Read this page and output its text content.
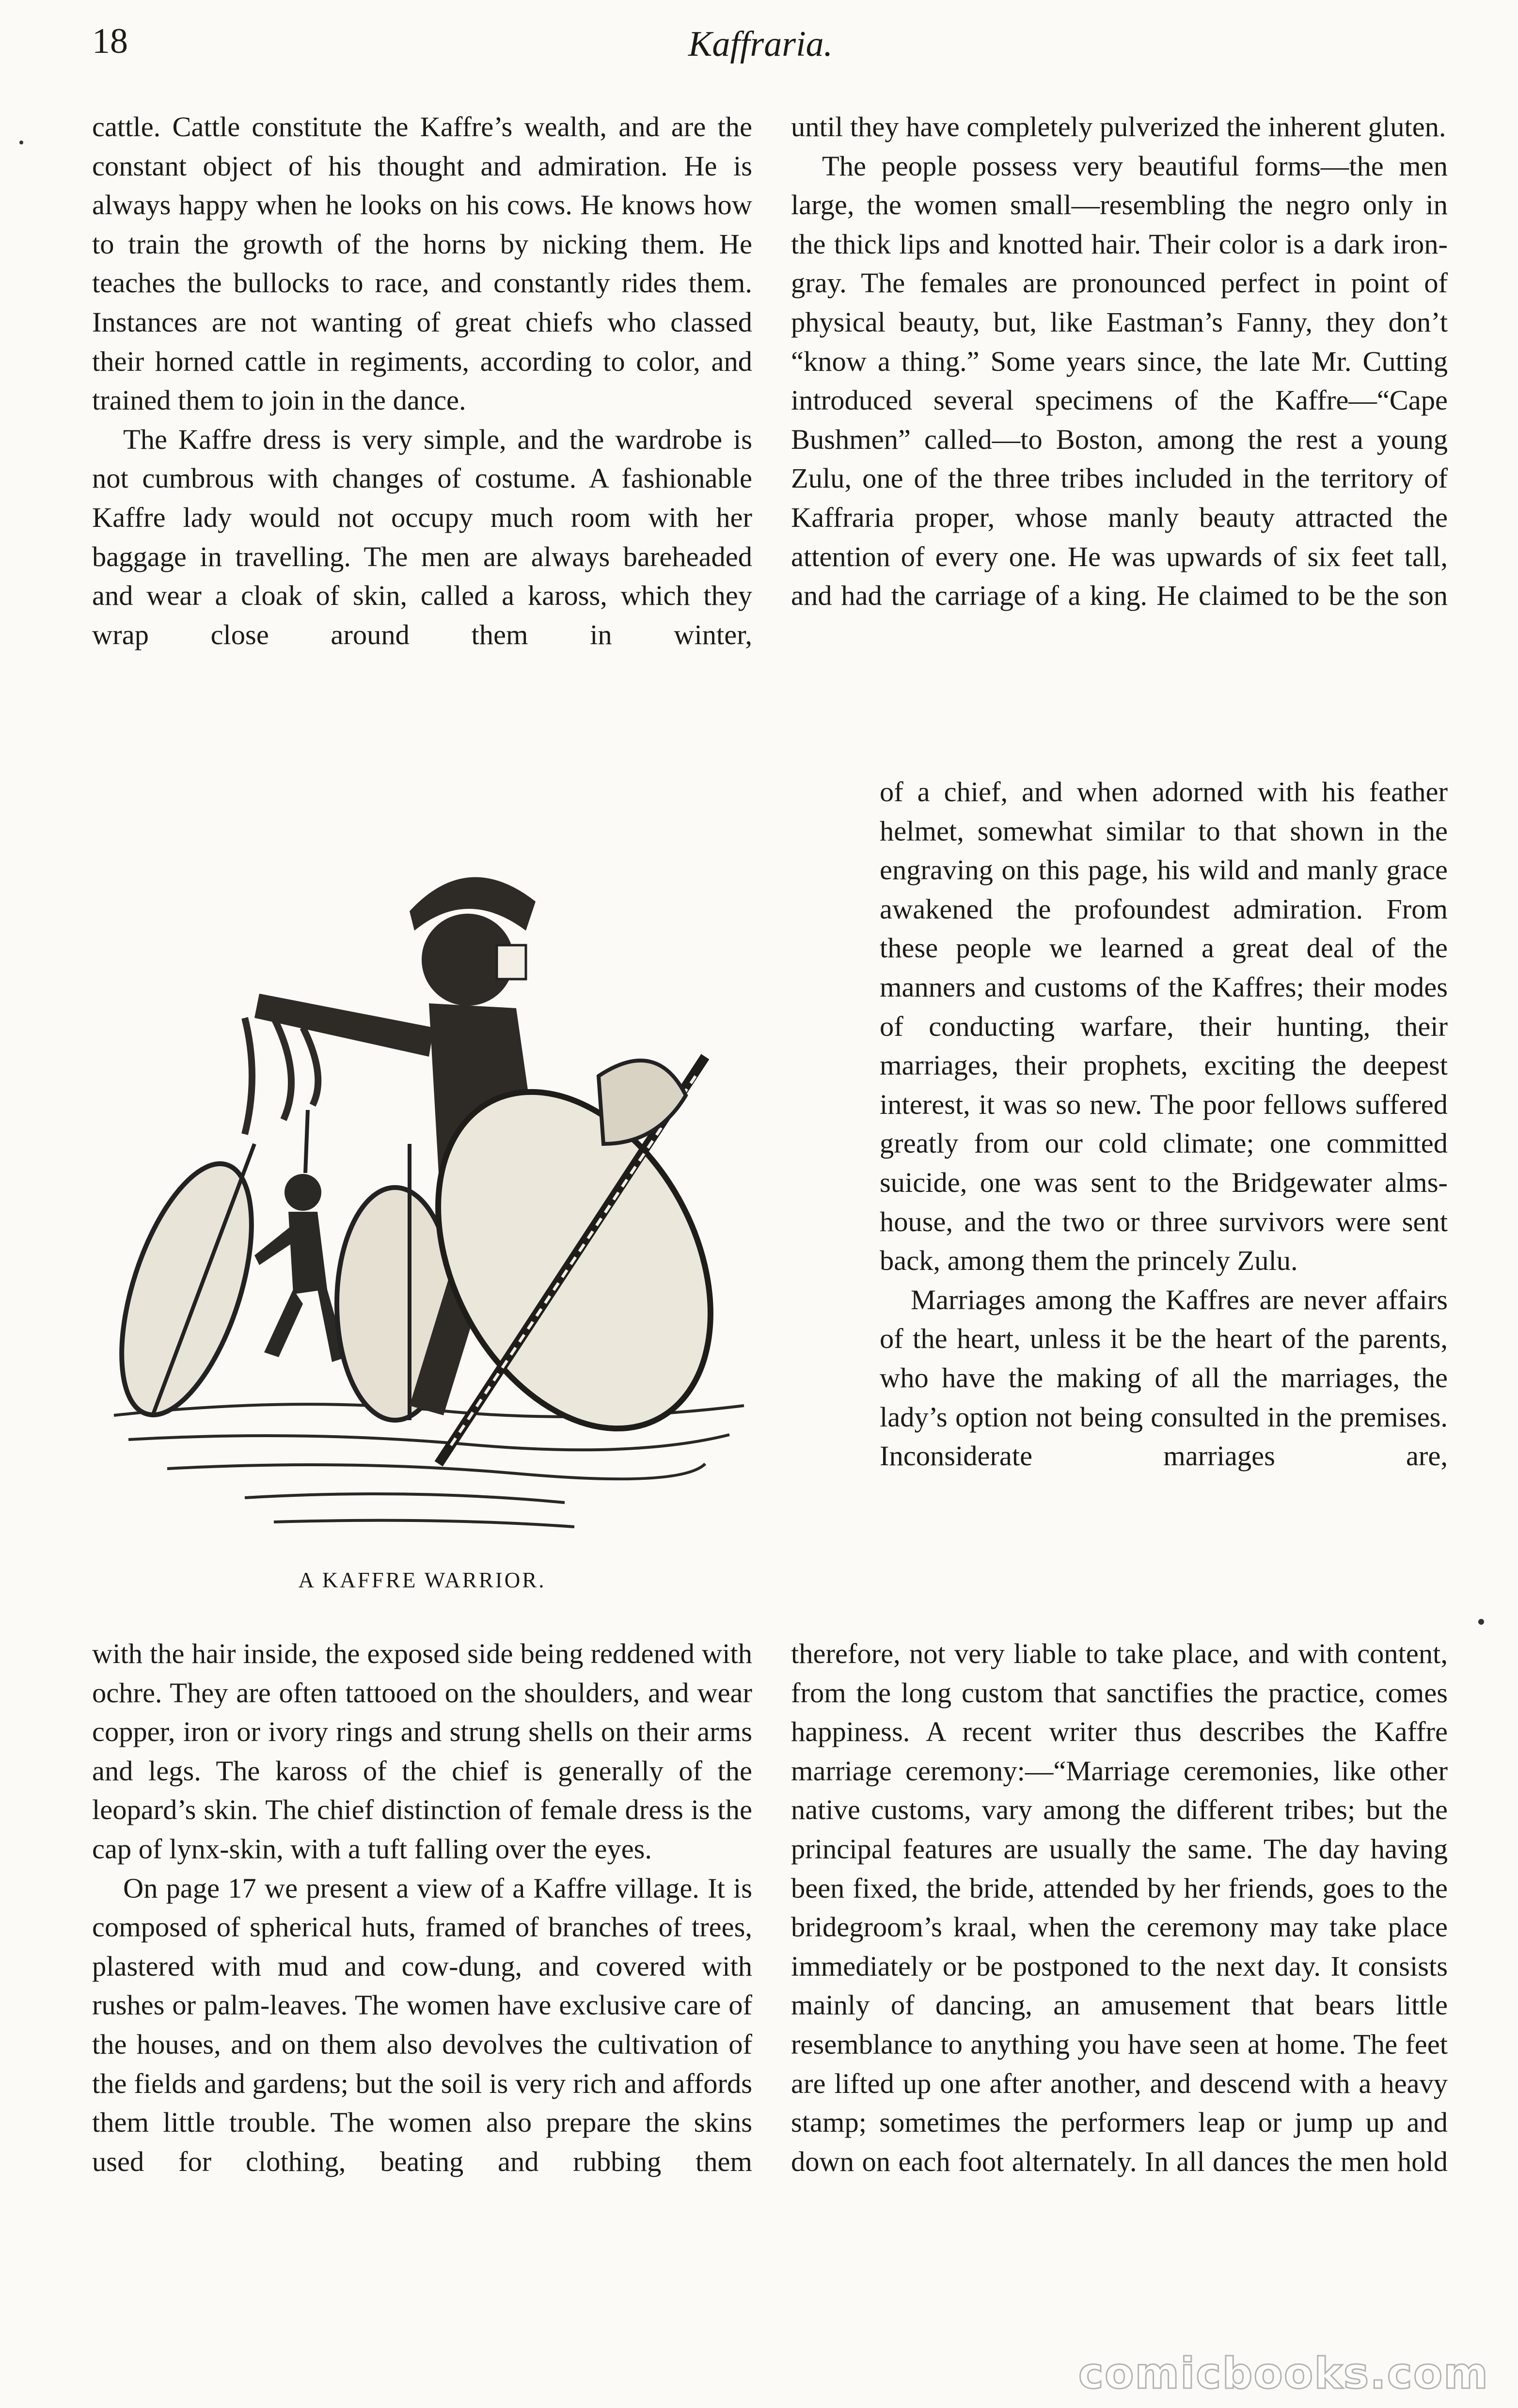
18	Kaffraria.

cattle. Cattle constitute the Kaffre’s wealth, and are the constant object of his thought and admiration. He is always happy when he looks on his cows. He knows how to train the growth of the horns by nicking them. He teaches the bullocks to race, and constantly rides them. Instances are not wanting of great chiefs who classed their horned cattle in regiments, according to color, and trained them to join in the dance.

The Kaffre dress is very simple, and the wardrobe is not cumbrous with changes of costume. A fashionable Kaffre lady would not occupy much room with her baggage in travelling. The men are always bareheaded and wear a cloak of skin, called a kaross, which they wrap close around them in winter,

A KAFFRE WARRIOR.

with the hair inside, the exposed side being reddened with ochre. They are often tattooed on the shoulders, and wear copper, iron or ivory rings and strung shells on their arms and legs. The kaross of the chief is generally of the leopard’s skin. The chief distinction of female dress is the cap of lynx-skin, with a tuft falling over the eyes.

On page 17 we present a view of a Kaffre village. It is composed of spherical huts, framed of branches of trees, plastered with mud and cow-dung, and covered with rushes or palm-leaves. The women have exclusive care of the houses, and on them also devolves the cultivation of the fields and gardens; but the soil is very rich and affords them little trouble. The women also prepare the skins used for clothing, beating and rubbing them

until they have completely pulverized the inherent gluten.

The people possess very beautiful forms—the men large, the women small—resembling the negro only in the thick lips and knotted hair. Their color is a dark iron-gray. The females are pronounced perfect in point of physical beauty, but, like Eastman’s Fanny, they don’t “know a thing.” Some years since, the late Mr. Cutting introduced several specimens of the Kaffre—“Cape Bushmen” called—to Boston, among the rest a young Zulu, one of the three tribes included in the territory of Kaffraria proper, whose manly beauty attracted the attention of every one. He was upwards of six feet tall, and had the carriage of a king. He claimed to be the son

of a chief, and when adorned with his feather helmet, somewhat similar to that shown in the engraving on this page, his wild and manly grace awakened the profoundest admiration. From these people we learned a great deal of the manners and customs of the Kaffres; their modes of conducting warfare, their hunting, their marriages, their prophets, exciting the deepest interest, it was so new. The poor fellows suffered greatly from our cold climate; one committed suicide, one was sent to the Bridgewater alms-house, and the two or three survivors were sent back, among them the princely Zulu.

Marriages among the Kaffres are never affairs of the heart, unless it be the heart of the parents, who have the making of all the marriages, the lady’s option not being consulted in the premises. Inconsiderate marriages are,

therefore, not very liable to take place, and with content, from the long custom that sanctifies the practice, comes happiness. A recent writer thus describes the Kaffre marriage ceremony:—“Marriage ceremonies, like other native customs, vary among the different tribes; but the principal features are usually the same. The day having been fixed, the bride, attended by her friends, goes to the bridegroom’s kraal, when the ceremony may take place immediately or be postponed to the next day. It consists mainly of dancing, an amusement that bears little resemblance to anything you have seen at home. The feet are lifted up one after another, and descend with a heavy stamp; sometimes the performers leap or jump up and down on each foot alternately. In all dances the men hold

comicbooks.com
